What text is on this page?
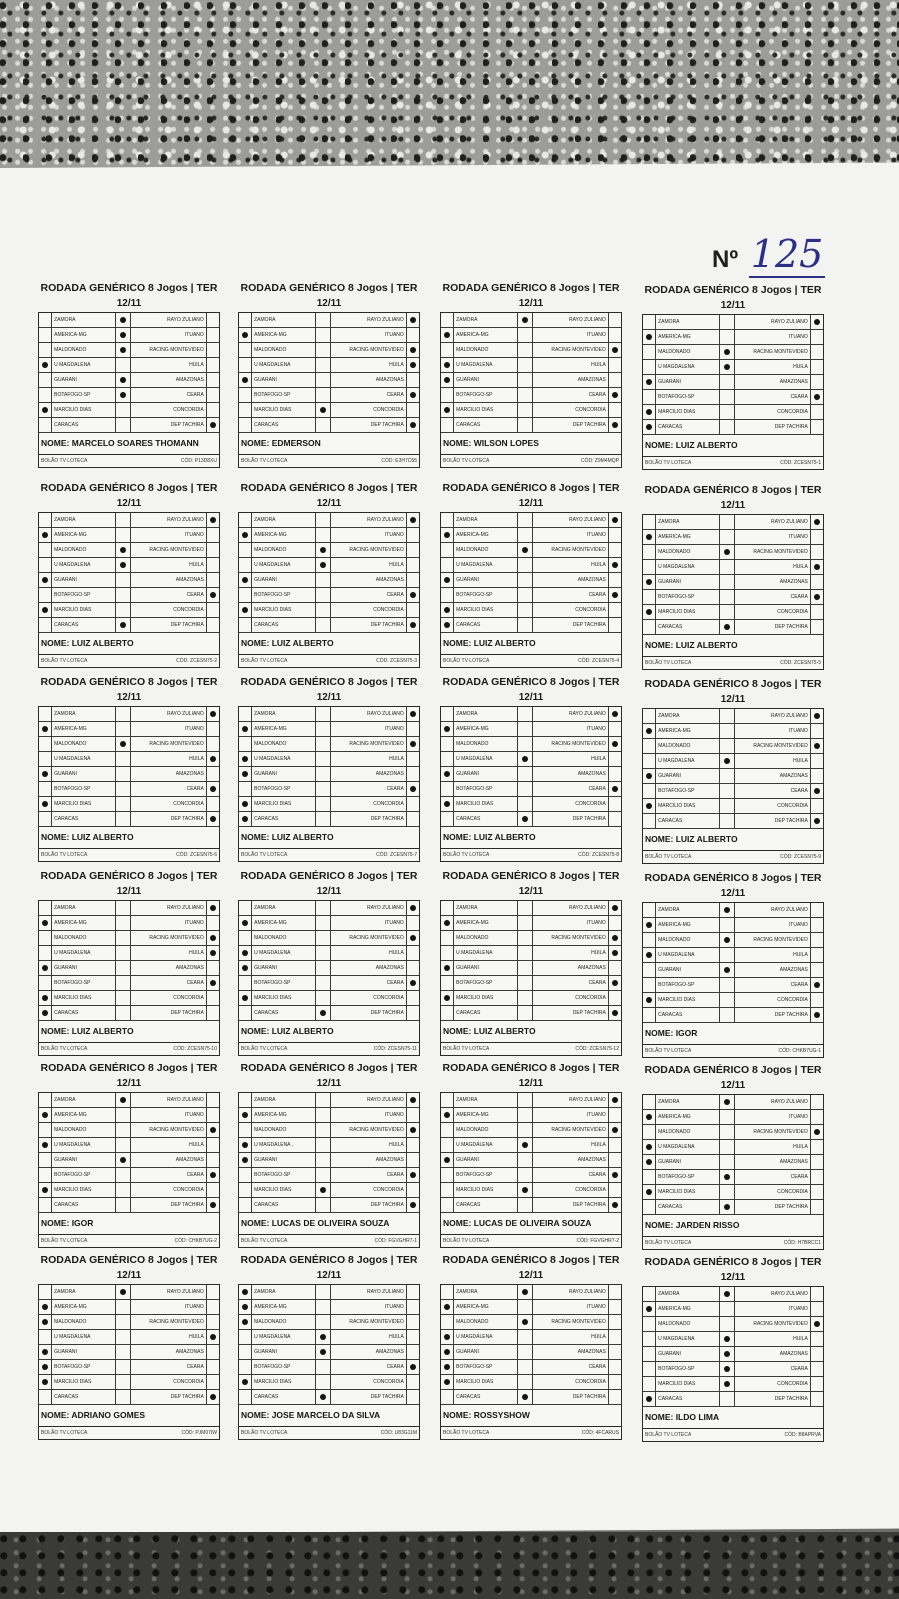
Nº 125
RODADA GENÉRICO 8 Jogos | TER
12/11
	ZAMORA		RAYO ZULIANO	
	AMERICA-MG		ITUANO	
	MALDONADO		RACING MONTEVIDEO	
	U MAGDALENA		HUILA	
	GUARANI		AMAZONAS	
	BOTAFOGO-SP		CEARA	
	MARCILIO DIAS		CONCORDIA	
	CARACAS		DEP TACHIRA	
NOME: MARCELO SOARES THOMANN
BOLÃO TV LOTECA	CÓD: P13D8XU
RODADA GENÉRICO 8 Jogos | TER
12/11
	ZAMORA		RAYO ZULIANO	
	AMERICA-MG		ITUANO	
	MALDONADO		RACING MONTEVIDEO	
	U MAGDALENA		HUILA	
	GUARANI		AMAZONAS	
	BOTAFOGO-SP		CEARA	
	MARCILIO DIAS		CONCORDIA	
	CARACAS		DEP TACHIRA	
NOME: EDMERSON
BOLÃO TV LOTECA	CÓD: E3H7C55
RODADA GENÉRICO 8 Jogos | TER
12/11
	ZAMORA		RAYO ZULIANO	
	AMERICA-MG		ITUANO	
	MALDONADO		RACING MONTEVIDEO	
	U MAGDALENA		HUILA	
	GUARANI		AMAZONAS	
	BOTAFOGO-SP		CEARA	
	MARCILIO DIAS		CONCORDIA	
	CARACAS		DEP TACHIRA	
NOME: WILSON LOPES
BOLÃO TV LOTECA	CÓD: Z9M4MQP
RODADA GENÉRICO 8 Jogos | TER
12/11
	ZAMORA		RAYO ZULIANO	
	AMERICA-MG		ITUANO	
	MALDONADO		RACING MONTEVIDEO	
	U MAGDALENA		HUILA	
	GUARANI		AMAZONAS	
	BOTAFOGO-SP		CEARA	
	MARCILIO DIAS		CONCORDIA	
	CARACAS		DEP TACHIRA	
NOME: LUIZ ALBERTO
BOLÃO TV LOTECA	CÓD: ZCESN75-1
RODADA GENÉRICO 8 Jogos | TER
12/11
	ZAMORA		RAYO ZULIANO	
	AMERICA-MG		ITUANO	
	MALDONADO		RACING MONTEVIDEO	
	U MAGDALENA		HUILA	
	GUARANI		AMAZONAS	
	BOTAFOGO-SP		CEARA	
	MARCILIO DIAS		CONCORDIA	
	CARACAS		DEP TACHIRA	
NOME: LUIZ ALBERTO
BOLÃO TV LOTECA	CÓD: ZCESN75-2
RODADA GENÉRICO 8 Jogos | TER
12/11
	ZAMORA		RAYO ZULIANO	
	AMERICA-MG		ITUANO	
	MALDONADO		RACING MONTEVIDEO	
	U MAGDALENA		HUILA	
	GUARANI		AMAZONAS	
	BOTAFOGO-SP		CEARA	
	MARCILIO DIAS		CONCORDIA	
	CARACAS		DEP TACHIRA	
NOME: LUIZ ALBERTO
BOLÃO TV LOTECA	CÓD: ZCESN75-3
RODADA GENÉRICO 8 Jogos | TER
12/11
	ZAMORA		RAYO ZULIANO	
	AMERICA-MG		ITUANO	
	MALDONADO		RACING MONTEVIDEO	
	U MAGDALENA		HUILA	
	GUARANI		AMAZONAS	
	BOTAFOGO-SP		CEARA	
	MARCILIO DIAS		CONCORDIA	
	CARACAS		DEP TACHIRA	
NOME: LUIZ ALBERTO
BOLÃO TV LOTECA	CÓD: ZCESN75-4
RODADA GENÉRICO 8 Jogos | TER
12/11
	ZAMORA		RAYO ZULIANO	
	AMERICA-MG		ITUANO	
	MALDONADO		RACING MONTEVIDEO	
	U MAGDALENA		HUILA	
	GUARANI		AMAZONAS	
	BOTAFOGO-SP		CEARA	
	MARCILIO DIAS		CONCORDIA	
	CARACAS		DEP TACHIRA	
NOME: LUIZ ALBERTO
BOLÃO TV LOTECA	CÓD: ZCESN75-5
RODADA GENÉRICO 8 Jogos | TER
12/11
	ZAMORA		RAYO ZULIANO	
	AMERICA-MG		ITUANO	
	MALDONADO		RACING MONTEVIDEO	
	U MAGDALENA		HUILA	
	GUARANI		AMAZONAS	
	BOTAFOGO-SP		CEARA	
	MARCILIO DIAS		CONCORDIA	
	CARACAS		DEP TACHIRA	
NOME: LUIZ ALBERTO
BOLÃO TV LOTECA	CÓD: ZCESN75-6
RODADA GENÉRICO 8 Jogos | TER
12/11
	ZAMORA		RAYO ZULIANO	
	AMERICA-MG		ITUANO	
	MALDONADO		RACING MONTEVIDEO	
	U MAGDALENA		HUILA	
	GUARANI		AMAZONAS	
	BOTAFOGO-SP		CEARA	
	MARCILIO DIAS		CONCORDIA	
	CARACAS		DEP TACHIRA	
NOME: LUIZ ALBERTO
BOLÃO TV LOTECA	CÓD: ZCESN75-7
RODADA GENÉRICO 8 Jogos | TER
12/11
	ZAMORA		RAYO ZULIANO	
	AMERICA-MG		ITUANO	
	MALDONADO		RACING MONTEVIDEO	
	U MAGDALENA		HUILA	
	GUARANI		AMAZONAS	
	BOTAFOGO-SP		CEARA	
	MARCILIO DIAS		CONCORDIA	
	CARACAS		DEP TACHIRA	
NOME: LUIZ ALBERTO
BOLÃO TV LOTECA	CÓD: ZCESN75-8
RODADA GENÉRICO 8 Jogos | TER
12/11
	ZAMORA		RAYO ZULIANO	
	AMERICA-MG		ITUANO	
	MALDONADO		RACING MONTEVIDEO	
	U MAGDALENA		HUILA	
	GUARANI		AMAZONAS	
	BOTAFOGO-SP		CEARA	
	MARCILIO DIAS		CONCORDIA	
	CARACAS		DEP TACHIRA	
NOME: LUIZ ALBERTO
BOLÃO TV LOTECA	CÓD: ZCESN75-9
RODADA GENÉRICO 8 Jogos | TER
12/11
	ZAMORA		RAYO ZULIANO	
	AMERICA-MG		ITUANO	
	MALDONADO		RACING MONTEVIDEO	
	U MAGDALENA		HUILA	
	GUARANI		AMAZONAS	
	BOTAFOGO-SP		CEARA	
	MARCILIO DIAS		CONCORDIA	
	CARACAS		DEP TACHIRA	
NOME: LUIZ ALBERTO
BOLÃO TV LOTECA	CÓD: ZCESN75-10
RODADA GENÉRICO 8 Jogos | TER
12/11
	ZAMORA		RAYO ZULIANO	
	AMERICA-MG		ITUANO	
	MALDONADO		RACING MONTEVIDEO	
	U MAGDALENA		HUILA	
	GUARANI		AMAZONAS	
	BOTAFOGO-SP		CEARA	
	MARCILIO DIAS		CONCORDIA	
	CARACAS		DEP TACHIRA	
NOME: LUIZ ALBERTO
BOLÃO TV LOTECA	CÓD: ZCESN75-11
RODADA GENÉRICO 8 Jogos | TER
12/11
	ZAMORA		RAYO ZULIANO	
	AMERICA-MG		ITUANO	
	MALDONADO		RACING MONTEVIDEO	
	U MAGDALENA		HUILA	
	GUARANI		AMAZONAS	
	BOTAFOGO-SP		CEARA	
	MARCILIO DIAS		CONCORDIA	
	CARACAS		DEP TACHIRA	
NOME: LUIZ ALBERTO
BOLÃO TV LOTECA	CÓD: ZCESN75-12
RODADA GENÉRICO 8 Jogos | TER
12/11
	ZAMORA		RAYO ZULIANO	
	AMERICA-MG		ITUANO	
	MALDONADO		RACING MONTEVIDEO	
	U MAGDALENA		HUILA	
	GUARANI		AMAZONAS	
	BOTAFOGO-SP		CEARA	
	MARCILIO DIAS		CONCORDIA	
	CARACAS		DEP TACHIRA	
NOME: IGOR
BOLÃO TV LOTECA	CÓD: CHKB7UG-1
RODADA GENÉRICO 8 Jogos | TER
12/11
	ZAMORA		RAYO ZULIANO	
	AMERICA-MG		ITUANO	
	MALDONADO		RACING MONTEVIDEO	
	U MAGDALENA		HUILA	
	GUARANI		AMAZONAS	
	BOTAFOGO-SP		CEARA	
	MARCILIO DIAS		CONCORDIA	
	CARACAS		DEP TACHIRA	
NOME: IGOR
BOLÃO TV LOTECA	CÓD: CHKB7UG-2
RODADA GENÉRICO 8 Jogos | TER
12/11
	ZAMORA		RAYO ZULIANO	
	AMERICA-MG		ITUANO	
	MALDONADO		RACING MONTEVIDEO	
	U MAGDALENA ,		HUILA	
	GUARANI		AMAZONAS	
	BOTAFOGO-SP		CEARA	
	MARCILIO DIAS		CONCORDIA	
	CARACAS		DEP TACHIRA	
NOME: LUCAS DE OLIVEIRA SOUZA
BOLÃO TV LOTECA	CÓD: FGVGHR7-1
RODADA GENÉRICO 8 Jogos | TER
12/11
	ZAMORA		RAYO ZULIANO	
	AMERICA-MG		ITUANO	
	MALDONADO		RACING MONTEVIDEO	
	U MAGDALENA		HUILA	
	GUARANI		AMAZONAS	
	BOTAFOGO-SP		CEARA	
	MARCILIO DIAS		CONCORDIA	
	CARACAS		DEP TACHIRA	
NOME: LUCAS DE OLIVEIRA SOUZA
BOLÃO TV LOTECA	CÓD: FGVGHR7-2
RODADA GENÉRICO 8 Jogos | TER
12/11
	ZAMORA		RAYO ZULIANO	
	AMERICA-MG		ITUANO	
	MALDONADO		RACING MONTEVIDEO	
	U MAGDALENA		HUILA	
	GUARANI		AMAZONAS	
	BOTAFOGO-SP		CEARA	
	MARCILIO DIAS		CONCORDIA	
	CARACAS		DEP TACHIRA	
NOME: JARDEN RISSO
BOLÃO TV LOTECA	CÓD: H7BRCC1
RODADA GENÉRICO 8 Jogos | TER
12/11
	ZAMORA		RAYO ZULIANO	
	AMERICA-MG		ITUANO	
	MALDONADO		RACING MONTEVIDEO	
	U MAGDALENA		HUILA	
	GUARANI		AMAZONAS	
	BOTAFOGO-SP		CEARA	
	MARCILIO DIAS		CONCORDIA	
	CARACAS		DEP TACHIRA	
NOME: ADRIANO GOMES
BOLÃO TV LOTECA	CÓD: PJM07IW
RODADA GENÉRICO 8 Jogos | TER
12/11
	ZAMORA		RAYO ZULIANO	
	AMERICA-MG		ITUANO	
	MALDONADO		RACING MONTEVIDEO	
	U MAGDALENA		HUILA	
	GUARANI		AMAZONAS	
	BOTAFOGO-SP		CEARA	
	MARCILIO DIAS		CONCORDIA	
	CARACAS		DEP TACHIRA	
NOME: JOSE MARCELO DA SILVA
BOLÃO TV LOTECA	CÓD: U83G11M
RODADA GENÉRICO 8 Jogos | TER
12/11
	ZAMORA		RAYO ZULIANO	
	AMERICA-MG		ITUANO	
	MALDONADO		RACING MONTEVIDEO	
	U MAGDALENA		HUILA	
	GUARANI		AMAZONAS	
	BOTAFOGO-SP		CEARA	
	MARCILIO DIAS		CONCORDIA	
	CARACAS		DEP TACHIRA	
NOME: ROSSYSHOW
BOLÃO TV LOTECA	CÓD: 4FCARUS
RODADA GENÉRICO 8 Jogos | TER
12/11
	ZAMORA		RAYO ZULIANO	
	AMERICA-MG		ITUANO	
	MALDONADO		RACING MONTEVIDEO	
	U MAGDALENA		HUILA	
	GUARANI		AMAZONAS	
	BOTAFOGO-SP		CEARA	
	MARCILIO DIAS		CONCORDIA	
	CARACAS		DEP TACHIRA	
NOME: ILDO LIMA
BOLÃO TV LOTECA	CÓD: B8APRVA
